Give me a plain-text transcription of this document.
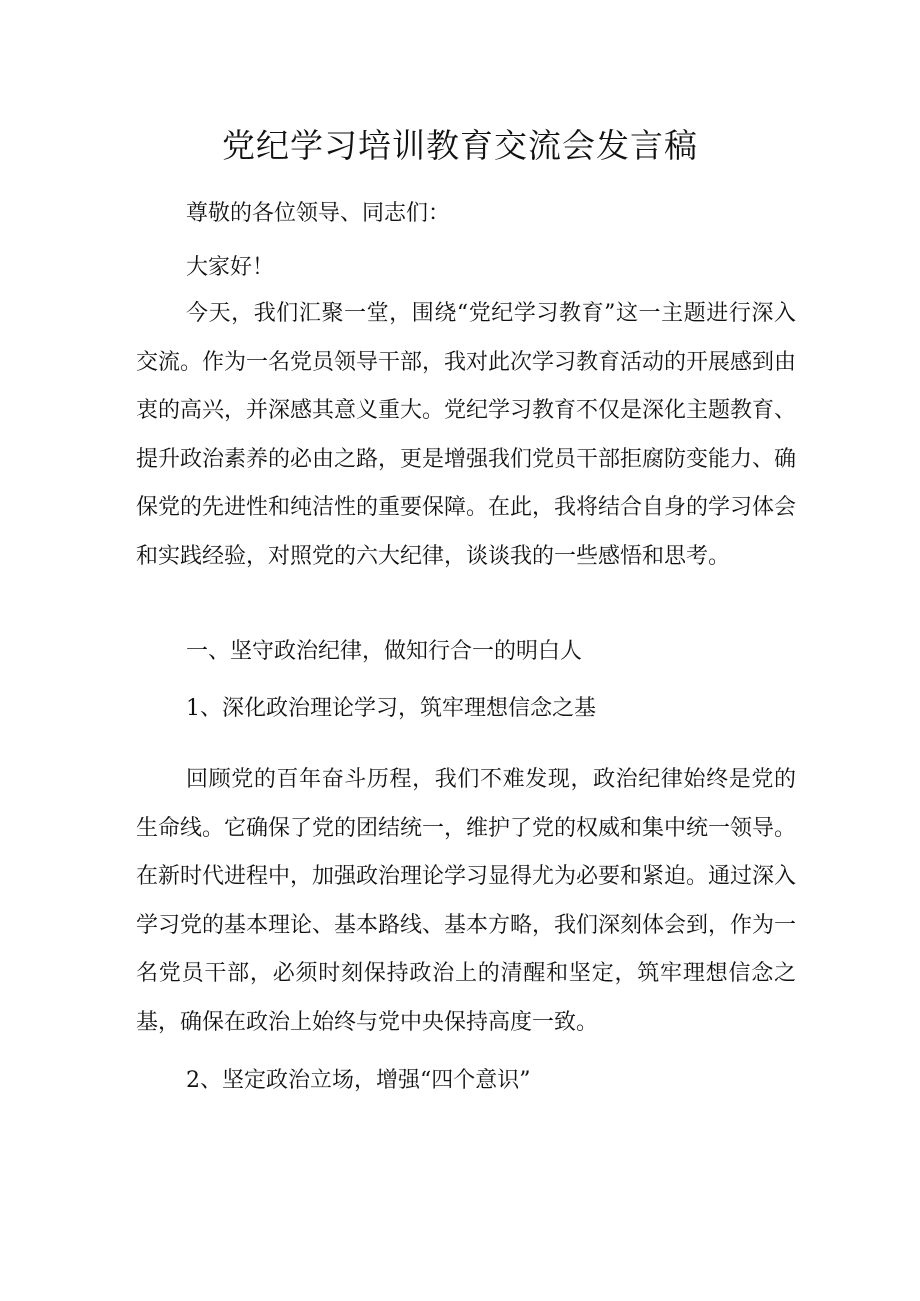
党纪学习培训教育交流会发言稿
尊敬的各位领导、同志们：
大家好！

今天，我们汇聚一堂，围绕“党纪学习教育”这一主题进行深入交流。作为一名党员领导干部，我对此次学习教育活动的开展感到由衷的高兴，并深感其意义重大。党纪学习教育不仅是深化主题教育、提升政治素养的必由之路，更是增强我们党员干部拒腐防变能力、确保党的先进性和纯洁性的重要保障。在此，我将结合自身的学习体会和实践经验，对照党的六大纪律，谈谈我的一些感悟和思考。

一、坚守政治纪律，做知行合一的明白人
1、深化政治理论学习，筑牢理想信念之基

回顾党的百年奋斗历程，我们不难发现，政治纪律始终是党的生命线。它确保了党的团结统一，维护了党的权威和集中统一领导。在新时代进程中，加强政治理论学习显得尤为必要和紧迫。通过深入学习党的基本理论、基本路线、基本方略，我们深刻体会到，作为一名党员干部，必须时刻保持政治上的清醒和坚定，筑牢理想信念之基，确保在政治上始终与党中央保持高度一致。

2、坚定政治立场，增强“四个意识”
